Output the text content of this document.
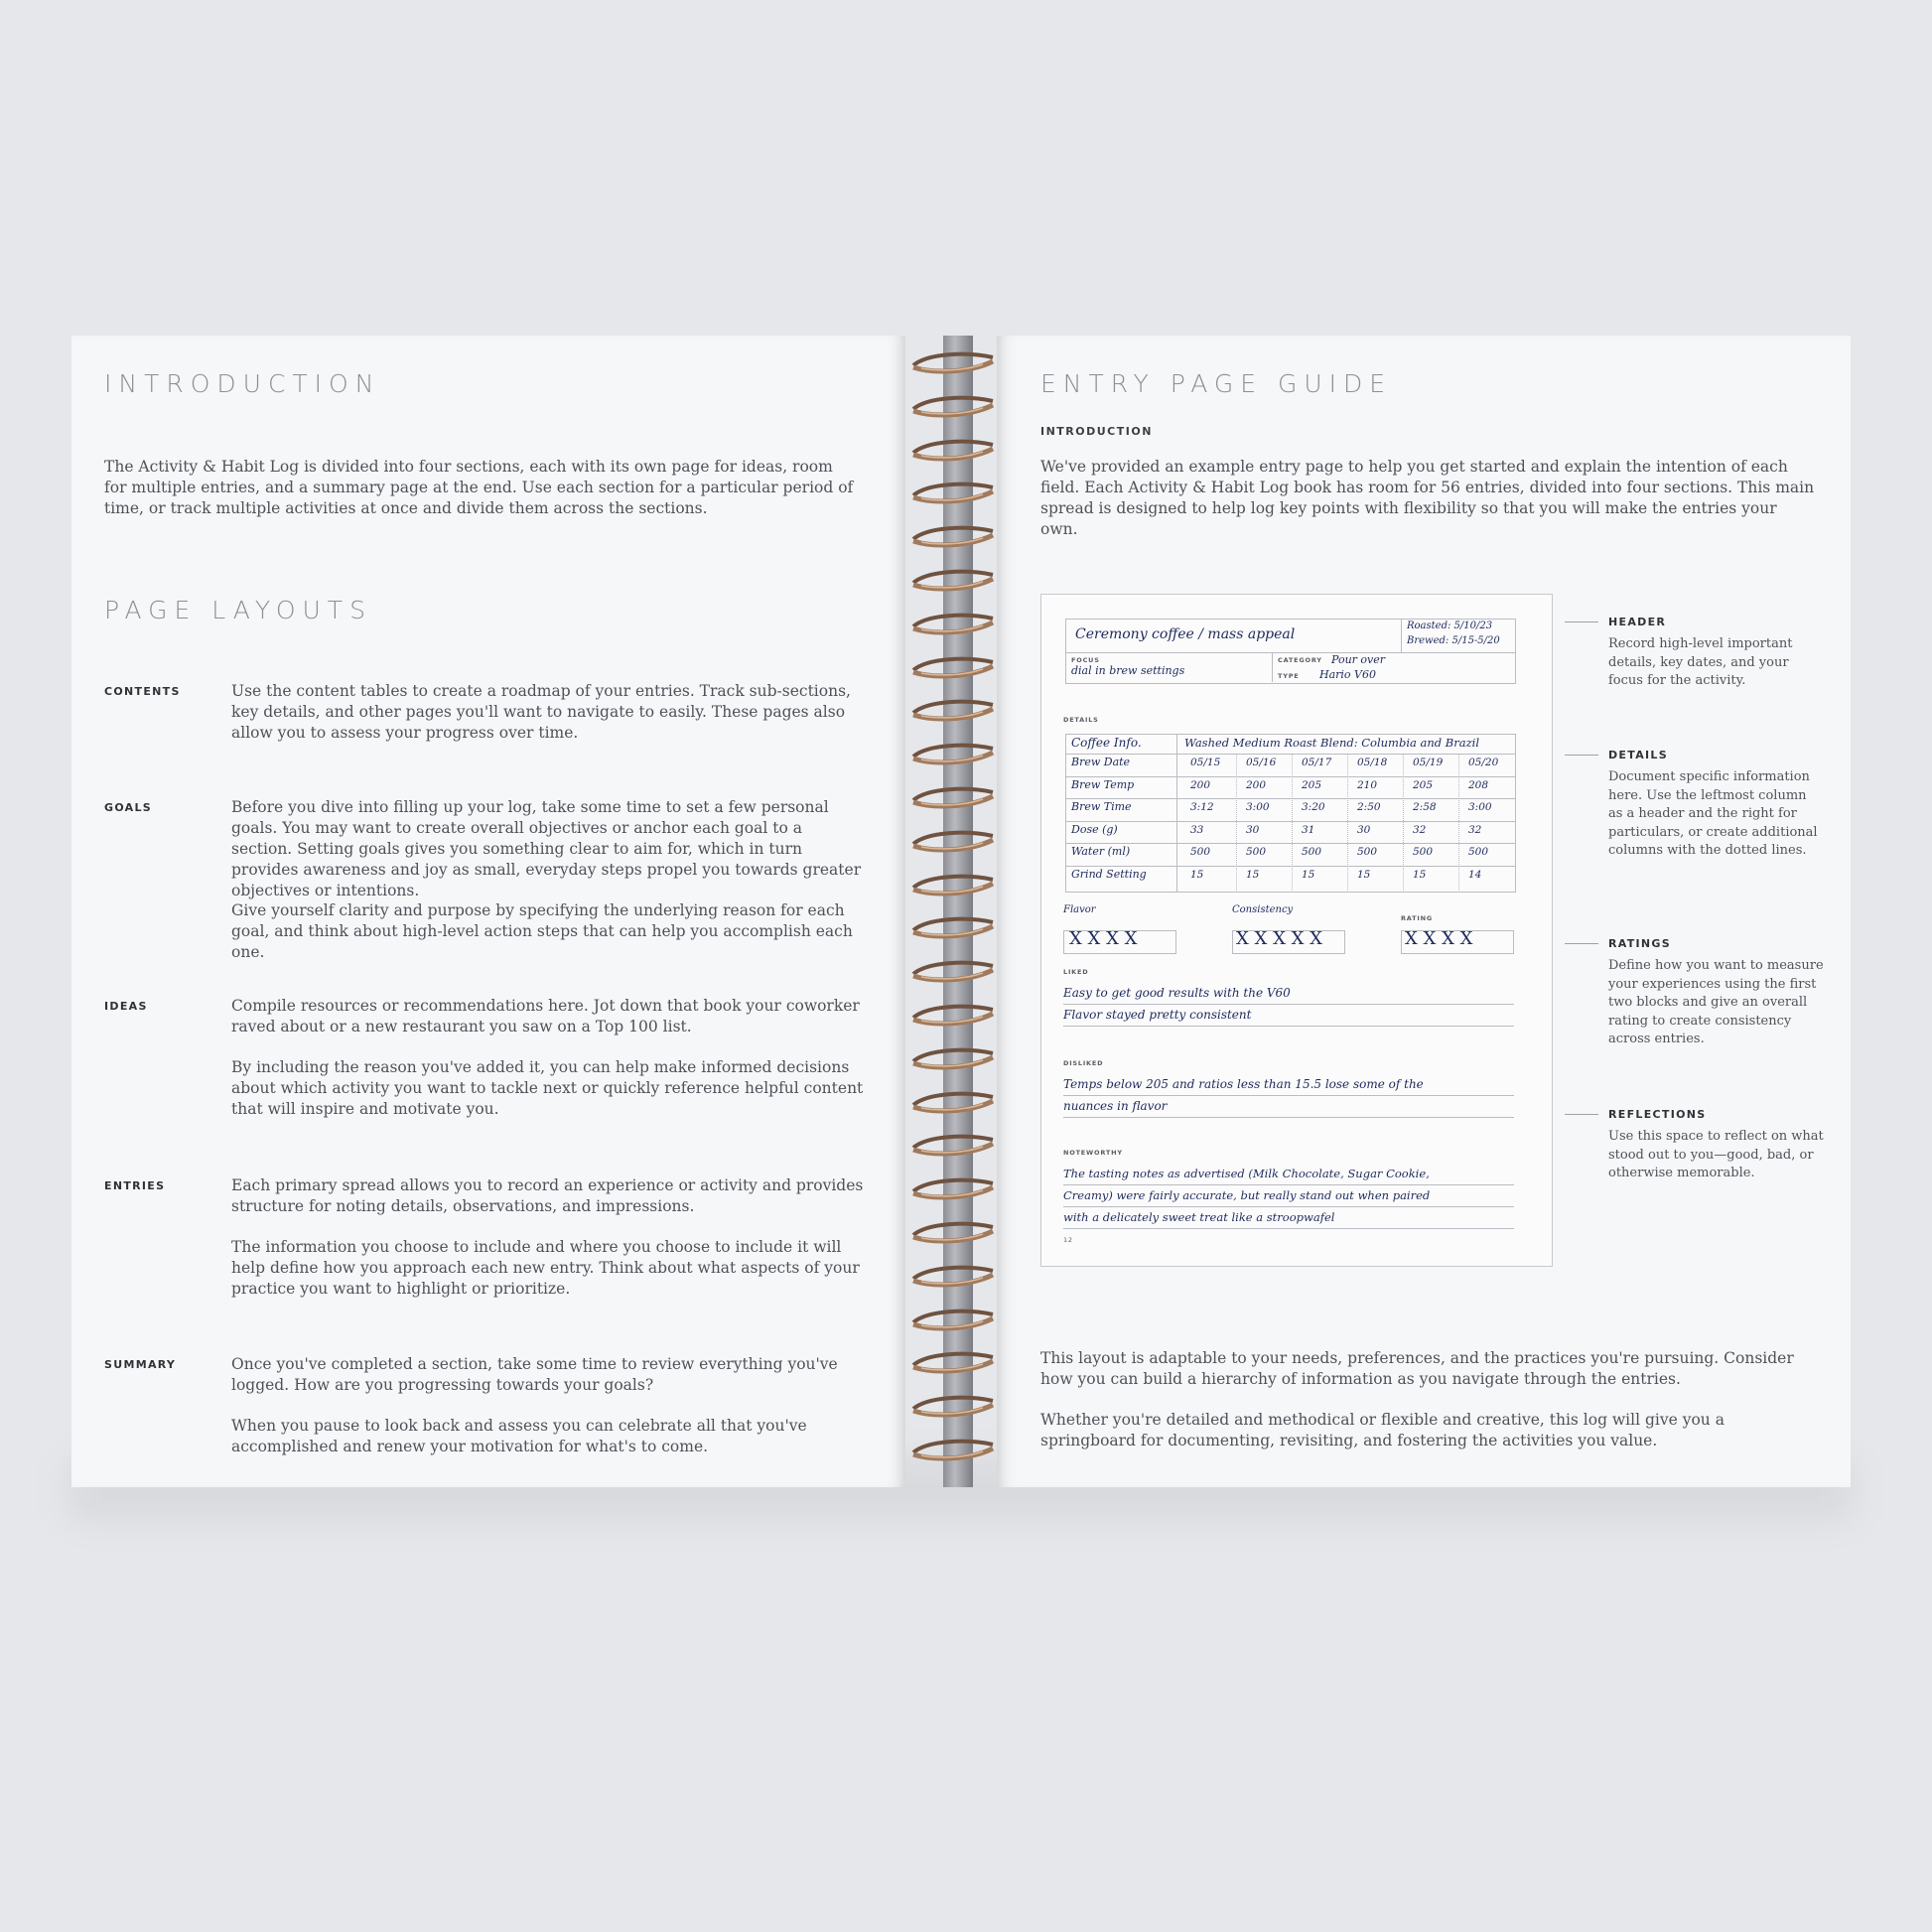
INTRODUCTION

The Activity & Habit Log is divided into four sections, each with its own page for ideas, room for multiple entries, and a summary page at the end. Use each section for a particular period of time, or track multiple activities at once and divide them across the sections.

PAGE LAYOUTS

CONTENTS	Use the content tables to create a roadmap of your entries. Track sub-sections, key details, and other pages you'll want to navigate to easily. These pages also allow you to assess your progress over time.

GOALS	Before you dive into filling up your log, take some time to set a few personal goals. You may want to create overall objectives or anchor each goal to a section. Setting goals gives you something clear to aim for, which in turn provides awareness and joy as small, everyday steps propel you towards greater objectives or intentions.

Give yourself clarity and purpose by specifying the underlying reason for each goal, and think about high-level action steps that can help you accomplish each one.

IDEAS	Compile resources or recommendations here. Jot down that book your coworker raved about or a new restaurant you saw on a Top 100 list.

By including the reason you've added it, you can help make informed decisions about which activity you want to tackle next or quickly reference helpful content that will inspire and motivate you.

ENTRIES	Each primary spread allows you to record an experience or activity and provides structure for noting details, observations, and impressions.

The information you choose to include and where you choose to include it will help define how you approach each new entry. Think about what aspects of your practice you want to highlight or prioritize.

SUMMARY	Once you've completed a section, take some time to review everything you've logged. How are you progressing towards your goals?

When you pause to look back and assess you can celebrate all that you've accomplished and renew your motivation for what's to come.

ENTRY PAGE GUIDE

INTRODUCTION

We've provided an example entry page to help you get started and explain the intention of each field. Each Activity & Habit Log book has room for 56 entries, divided into four sections. This main spread is designed to help log key points with flexibility so that you will make the entries your own.

Ceremony coffee / mass appeal

Roasted: 5/10/23

Brewed: 5/15-5/20

FOCUS

dial in brew settings

CATEGORY Pour over

TYPE Hario V60

DETAILS

Coffee Info.	Washed Medium Roast Blend: Columbia and Brazil

Brew Date	05/15 05/16 05/17 05/18 05/19 05/20

Brew Temp	200	200	205	210	205	208

Brew Time	3:12	3:00	3:20	2:50	2:58	3:00

Dose (g)	33	30	31	30	32	32

Water (ml)	500	500	500	500	500	500

Grind Setting	15	15	15	15	15	14

Flavor

X X X X

Consistency

X X X X X

RATING

X X X X

LIKED

Easy to get good results with the V60

Flavor stayed pretty consistent

DISLIKED

Temps below 205 and ratios less than 15.5 lose some of the

nuances in flavor

NOTEWORTHY

The tasting notes as advertised (Milk Chocolate, Sugar Cookie,

Creamy) were fairly accurate, but really stand out when paired

with a delicately sweet treat like a stroopwafel

12

HEADER

Record high-level important details, key dates, and your focus for the activity.

DETAILS

Document specific information here. Use the leftmost column as a header and the right for particulars, or create additional columns with the dotted lines.

RATINGS

Define how you want to measure your experiences using the first two blocks and give an overall rating to create consistency across entries.

REFLECTIONS

Use this space to reflect on what stood out to you—good, bad, or otherwise memorable.

This layout is adaptable to your needs, preferences, and the practices you're pursuing. Consider how you can build a hierarchy of information as you navigate through the entries.

Whether you're detailed and methodical or flexible and creative, this log will give you a springboard for documenting, revisiting, and fostering the activities you value.
